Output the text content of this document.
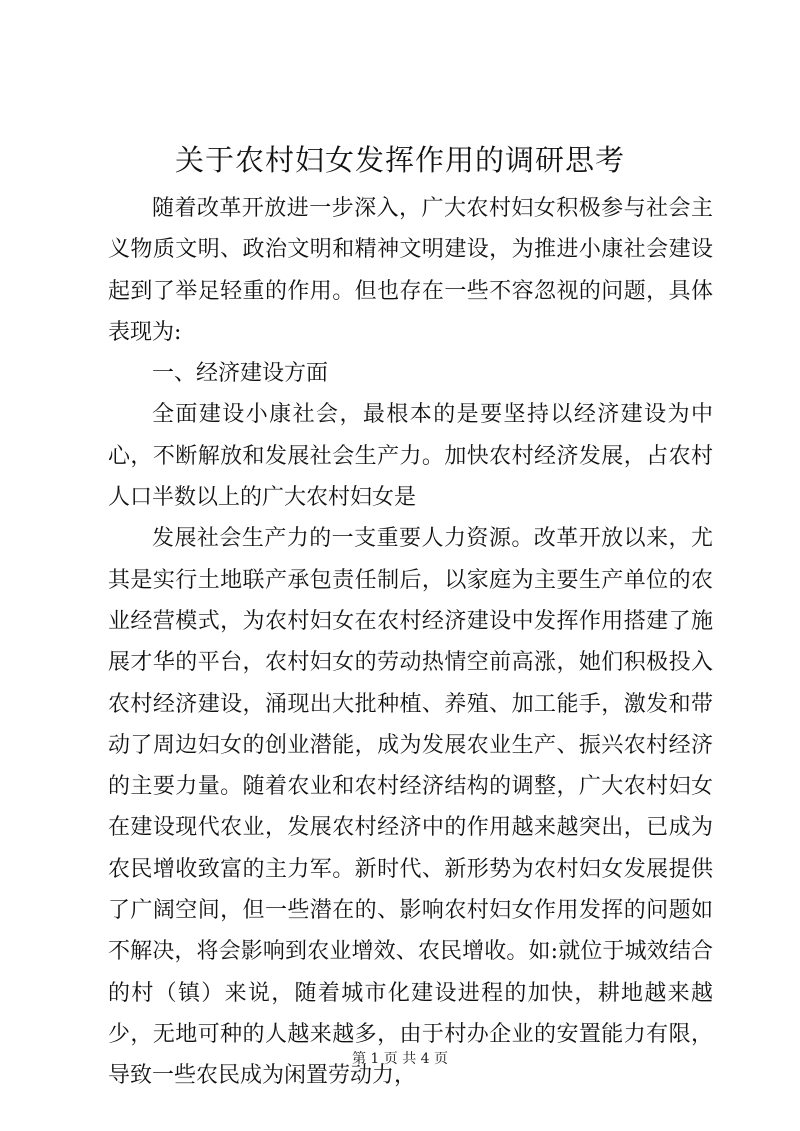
关于农村妇女发挥作用的调研思考

随着改革开放进一步深入，广大农村妇女积极参与社会主义物质文明、政治文明和精神文明建设，为推进小康社会建设起到了举足轻重的作用。但也存在一些不容忽视的问题，具体表现为:

一、经济建设方面

全面建设小康社会，最根本的是要坚持以经济建设为中心，不断解放和发展社会生产力。加快农村经济发展，占农村人口半数以上的广大农村妇女是

发展社会生产力的一支重要人力资源。改革开放以来，尤其是实行土地联产承包责任制后，以家庭为主要生产单位的农业经营模式，为农村妇女在农村经济建设中发挥作用搭建了施展才华的平台，农村妇女的劳动热情空前高涨，她们积极投入农村经济建设，涌现出大批种植、养殖、加工能手，激发和带动了周边妇女的创业潜能，成为发展农业生产、振兴农村经济的主要力量。随着农业和农村经济结构的调整，广大农村妇女在建设现代农业，发展农村经济中的作用越来越突出，已成为农民增收致富的主力军。新时代、新形势为农村妇女发展提供了广阔空间，但一些潜在的、影响农村妇女作用发挥的问题如不解决，将会影响到农业增效、农民增收。如:就位于城效结合的村（镇）来说，随着城市化建设进程的加快，耕地越来越少，无地可种的人越来越多，由于村办企业的安置能力有限，导致一些农民成为闲置劳动力，

第 1 页 共 4 页
